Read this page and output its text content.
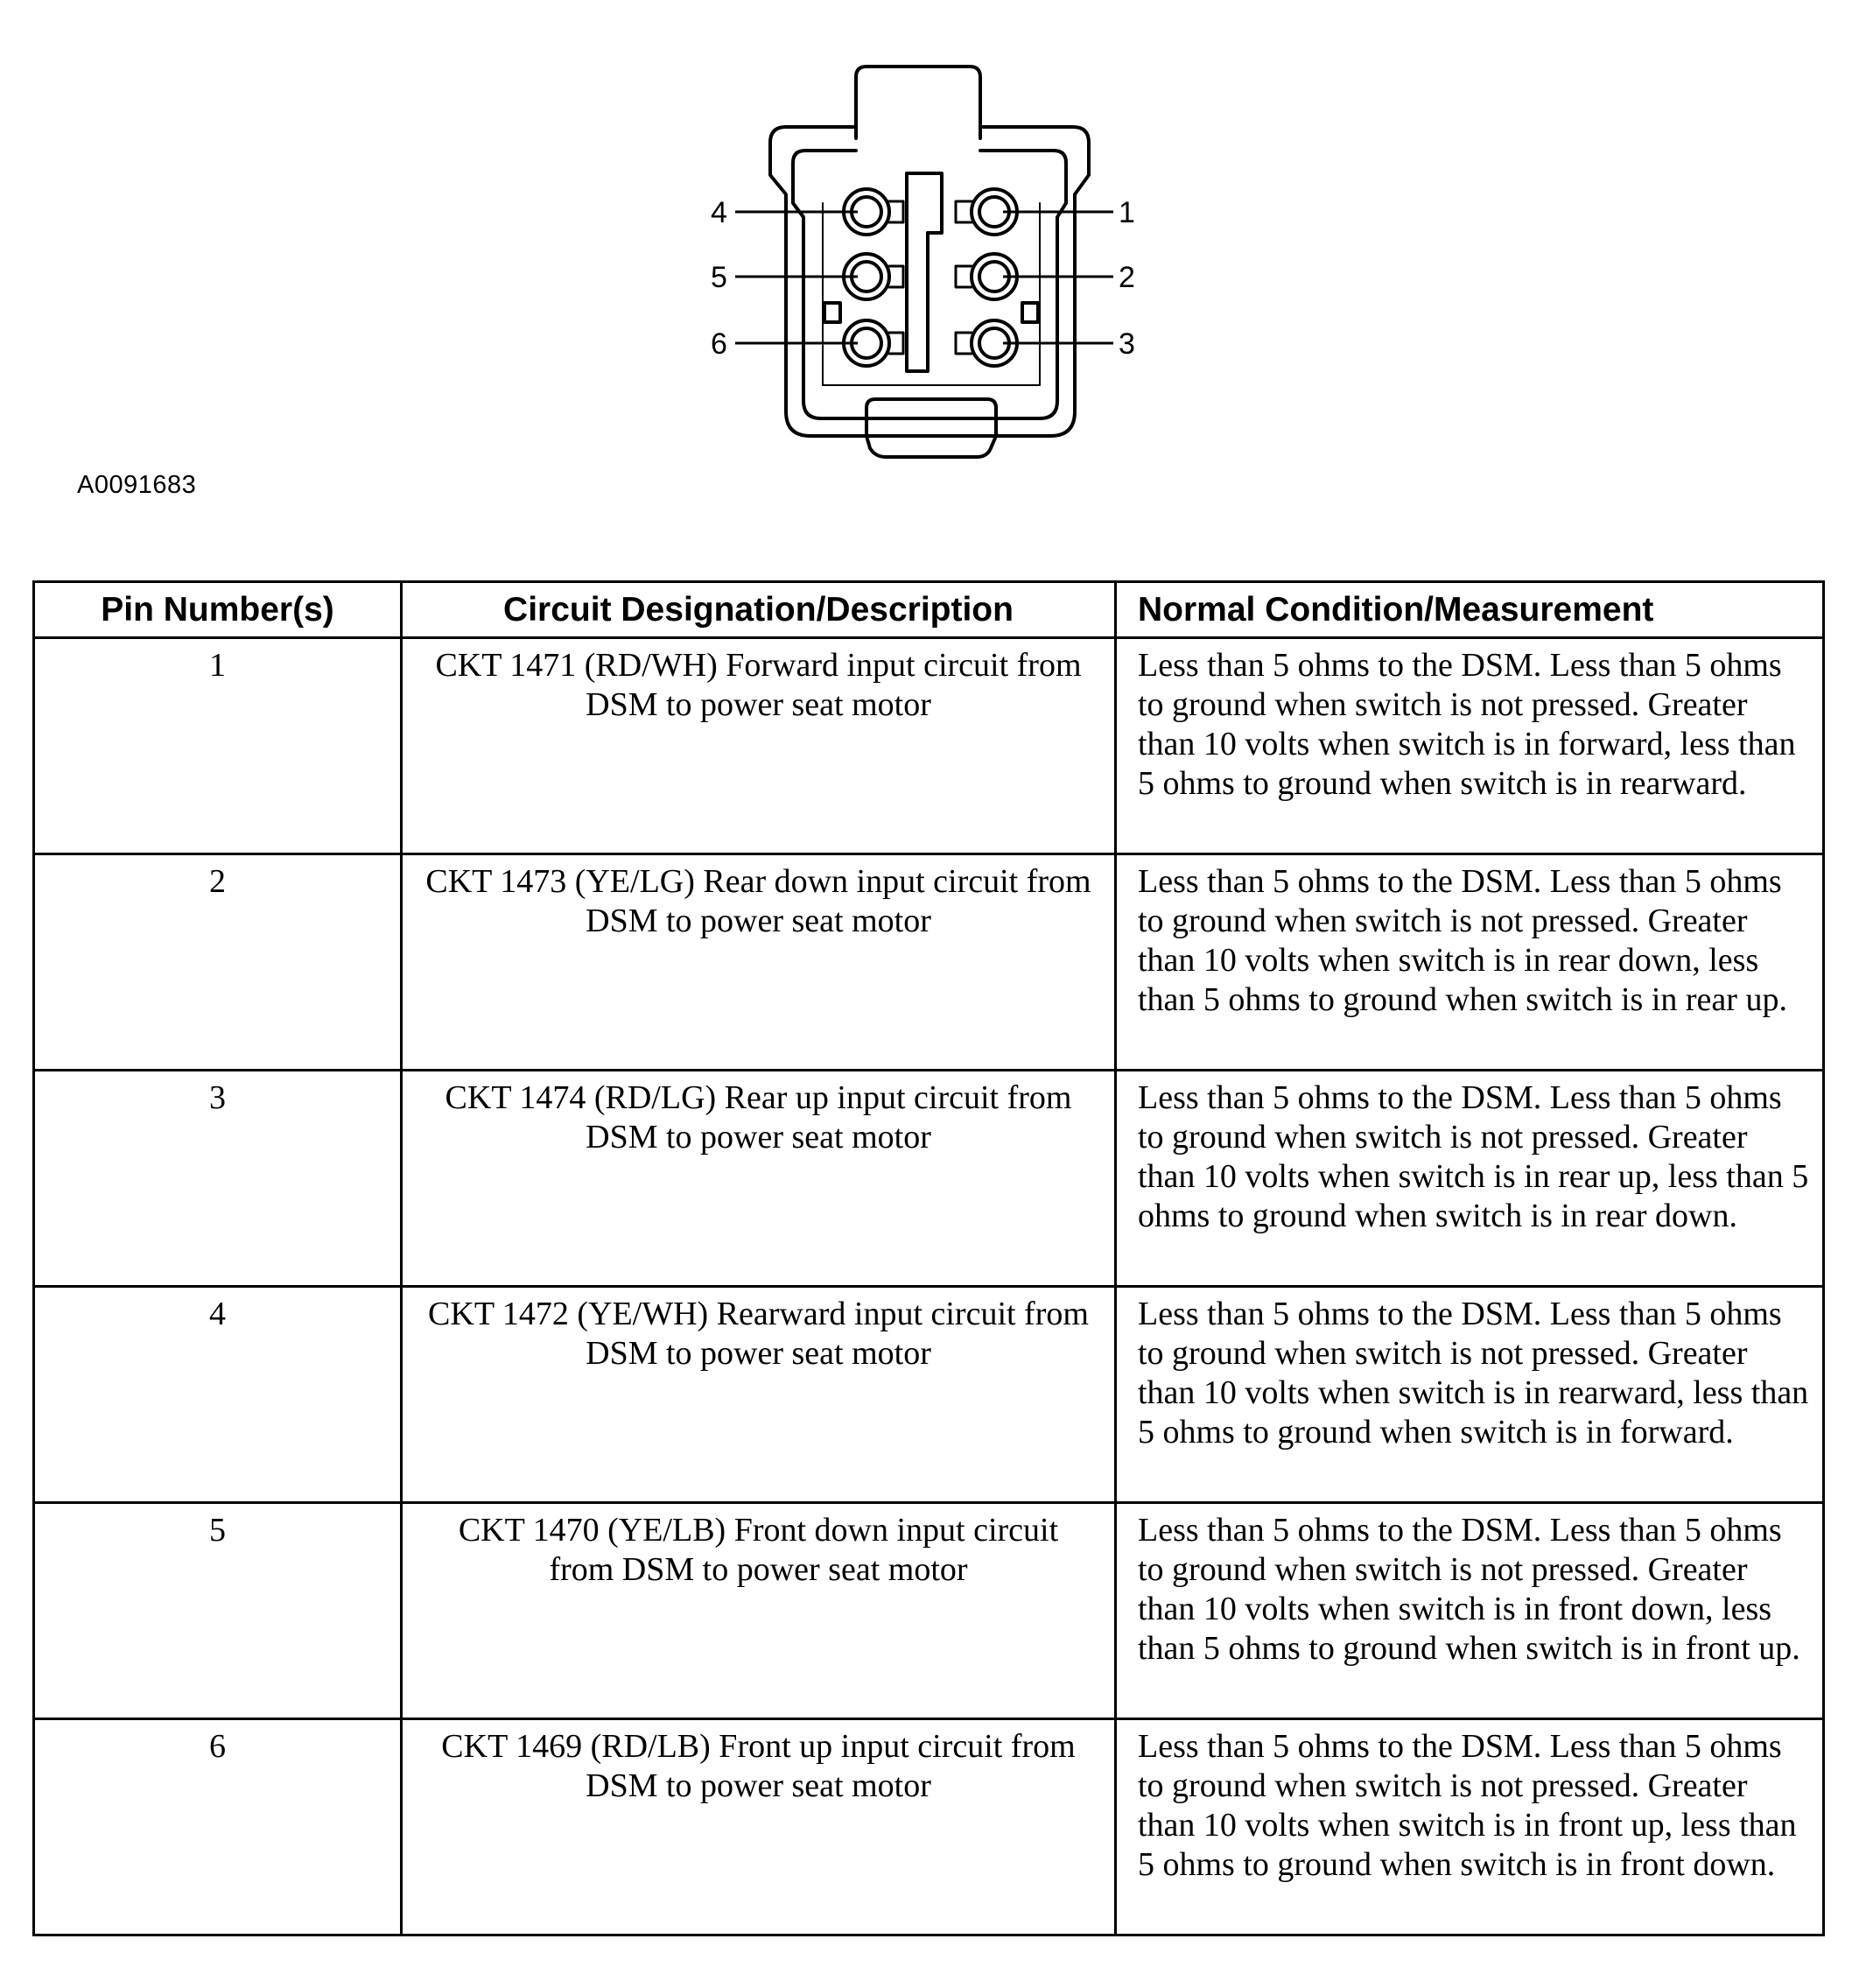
4
5
6
1
2
3
A0091683
Pin Number(s)	Circuit Designation/Description	Normal Condition/Measurement
1	CKT 1471 (RD/WH) Forward input circuit from DSM to power seat motor	Less than 5 ohms to the DSM. Less than 5 ohms to ground when switch is not pressed. Greater than 10 volts when switch is in forward, less than 5 ohms to ground when switch is in rearward.
2	CKT 1473 (YE/LG) Rear down input circuit from DSM to power seat motor	Less than 5 ohms to the DSM. Less than 5 ohms to ground when switch is not pressed. Greater than 10 volts when switch is in rear down, less than 5 ohms to ground when switch is in rear up.
3	CKT 1474 (RD/LG) Rear up input circuit from DSM to power seat motor	Less than 5 ohms to the DSM. Less than 5 ohms to ground when switch is not pressed. Greater than 10 volts when switch is in rear up, less than 5 ohms to ground when switch is in rear down.
4	CKT 1472 (YE/WH) Rearward input circuit from DSM to power seat motor	Less than 5 ohms to the DSM. Less than 5 ohms to ground when switch is not pressed. Greater than 10 volts when switch is in rearward, less than 5 ohms to ground when switch is in forward.
5	CKT 1470 (YE/LB) Front down input circuit from DSM to power seat motor	Less than 5 ohms to the DSM. Less than 5 ohms to ground when switch is not pressed. Greater than 10 volts when switch is in front down, less than 5 ohms to ground when switch is in front up.
6	CKT 1469 (RD/LB) Front up input circuit from DSM to power seat motor	Less than 5 ohms to the DSM. Less than 5 ohms to ground when switch is not pressed. Greater than 10 volts when switch is in front up, less than 5 ohms to ground when switch is in front down.
